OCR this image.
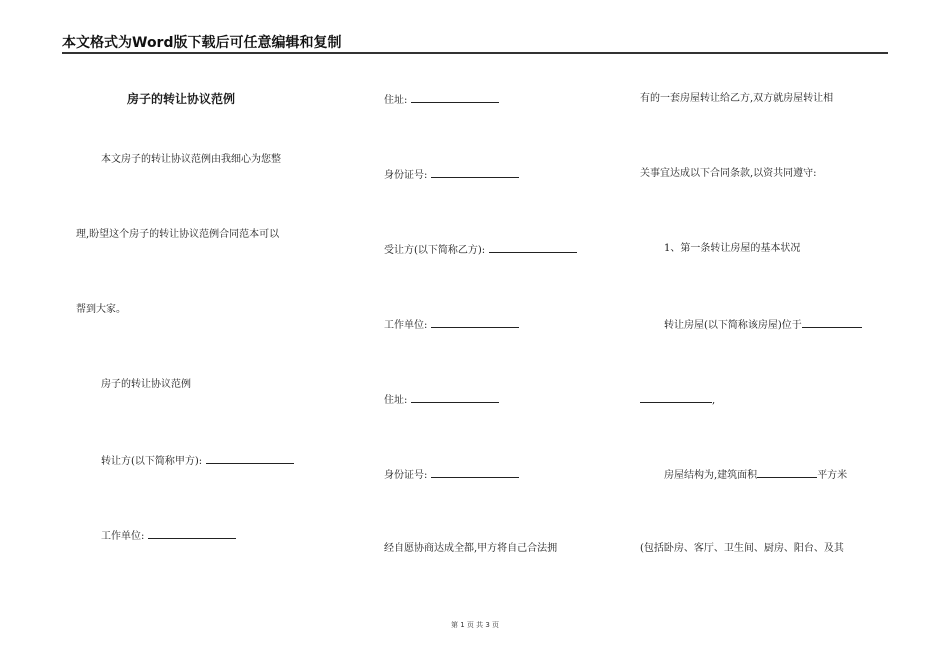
本文格式为Word版下载后可任意编辑和复制
房子的转让协议范例
本文房子的转让协议范例由我细心为您整
理,盼望这个房子的转让协议范例合同范本可以
帮到大家。
房子的转让协议范例
转让方(以下简称甲方):
工作单位:
住址:
身份证号:
受让方(以下简称乙方):
工作单位:
住址:
身份证号:
经自愿协商达成全都,甲方将自己合法拥
有的一套房屋转让给乙方,双方就房屋转让相
关事宜达成以下合同条款,以资共同遵守:
1、第一条转让房屋的基本状况
转让房屋(以下简称该房屋)位于
,
房屋结构为,建筑面积	平方米
(包括卧房、客厅、卫生间、厨房、阳台、及其
第 1 页 共 3 页
